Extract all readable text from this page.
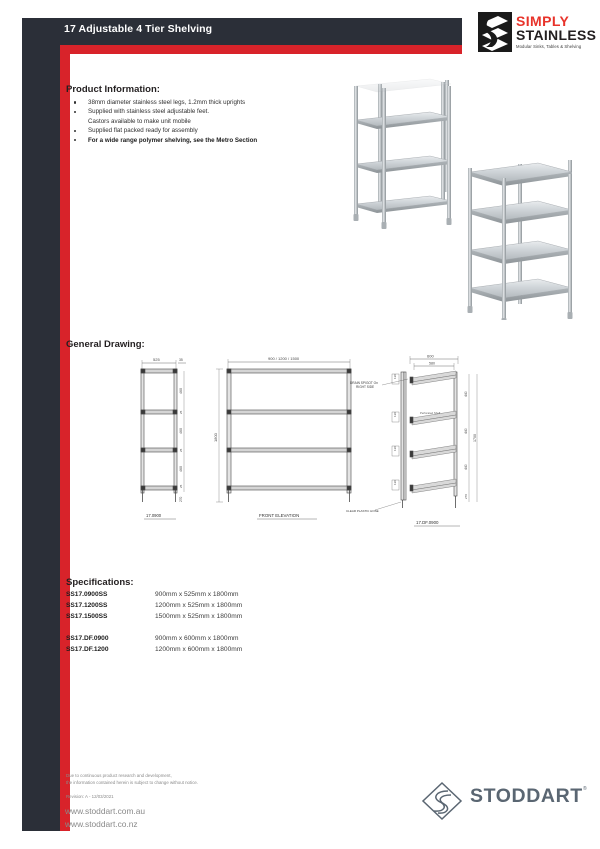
17 Adjustable 4 Tier Shelving	SIMPLY
STAINLESS
Modular Sinks, Tables & Shelving
Product Information:
38mm diameter stainless steel legs, 1.2mm thick uprights
Supplied with stainless steel adjustable feet.
Castors available to make unit mobile
Supplied flat packed ready for assembly
For a wide range polymer shelving, see the Metro Section
General Drawing:
525	35
460
25
460
25
460
25
270
17.0900
900 / 1200 / 1500
1800
FRONT ELEVATION
600
580
130
130
130
130
440
440
440
270
1700
DRAIN SPIGOT On
RIGHT SIDE
Perforated Shelf
CLEAR PLASTIC HOSE
17.DF.0900
Specifications:
SS17.0900SS	900mm x 525mm x 1800mm
SS17.1200SS	1200mm x 525mm x 1800mm
SS17.1500SS	1500mm x 525mm x 1800mm
SS17.DF.0900	900mm x 600mm x 1800mm
SS17.DF.1200	1200mm x 600mm x 1800mm
Due to continuous product research and development,
the information contained herein is subject to change without notice.
Revision: A - 12/03/2021
www.stoddart.com.au
www.stoddart.co.nz
STODDART ®
